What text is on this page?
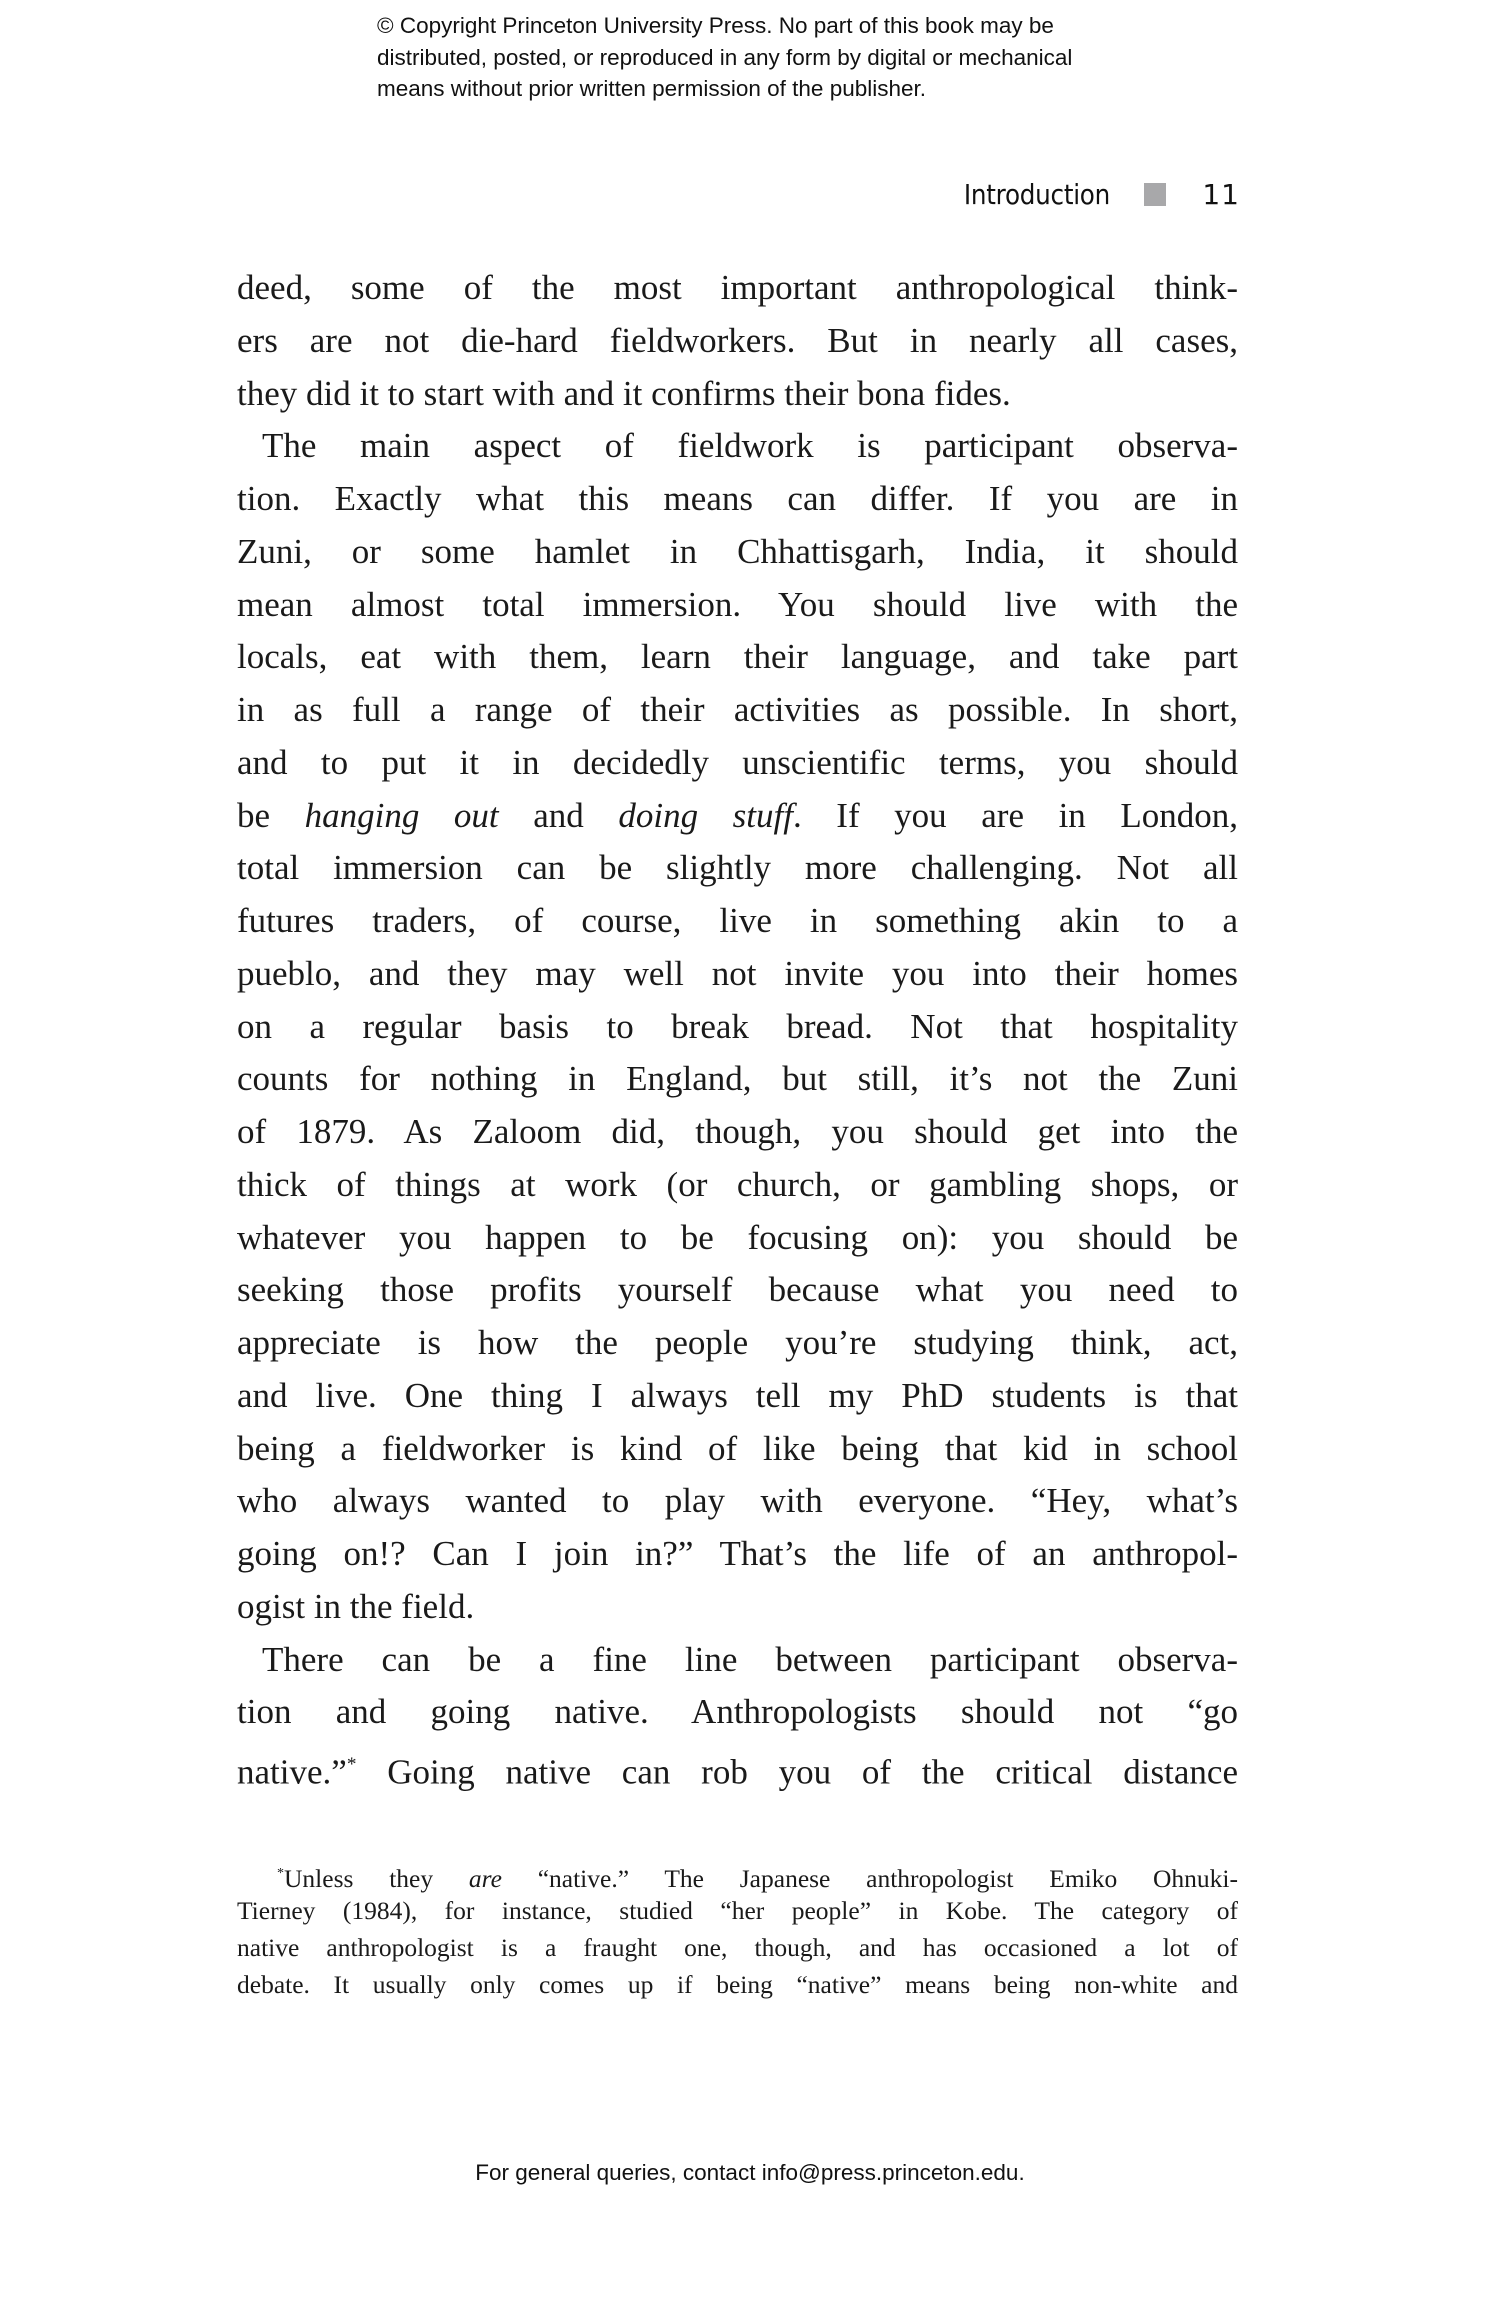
© Copyright Princeton University Press. No part of this book may be
distributed, posted, or reproduced in any form by digital or mechanical
means without prior written permission of the publisher.
Introduction	11
deed, some of the most important anthropological think-
ers are not die-hard fieldworkers. But in nearly all cases,
they did it to start with and it confirms their bona fides.
The main aspect of fieldwork is participant observa-
tion. Exactly what this means can differ. If you are in
Zuni, or some hamlet in Chhattisgarh, India, it should
mean almost total immersion. You should live with the
locals, eat with them, learn their language, and take part
in as full a range of their activities as possible. In short,
and to put it in decidedly unscientific terms, you should
be hanging out and doing stuff. If you are in London,
total immersion can be slightly more challenging. Not all
futures traders, of course, live in something akin to a
pueblo, and they may well not invite you into their homes
on a regular basis to break bread. Not that hospitality
counts for nothing in England, but still, it’s not the Zuni
of 1879. As Zaloom did, though, you should get into the
thick of things at work (or church, or gambling shops, or
whatever you happen to be focusing on): you should be
seeking those profits yourself because what you need to
appreciate is how the people you’re studying think, act,
and live. One thing I always tell my PhD students is that
being a fieldworker is kind of like being that kid in school
who always wanted to play with everyone. “Hey, what’s
going on!? Can I join in?” That’s the life of an anthropol-
ogist in the field.
There can be a fine line between participant observa-
tion and going native. Anthropologists should not “go
native.”* Going native can rob you of the critical distance
*Unless they are “native.” The Japanese anthropologist Emiko Ohnuki-
Tierney (1984), for instance, studied “her people” in Kobe. The category of
native anthropologist is a fraught one, though, and has occasioned a lot of
debate. It usually only comes up if being “native” means being non-white and
For general queries, contact info@press.princeton.edu.
